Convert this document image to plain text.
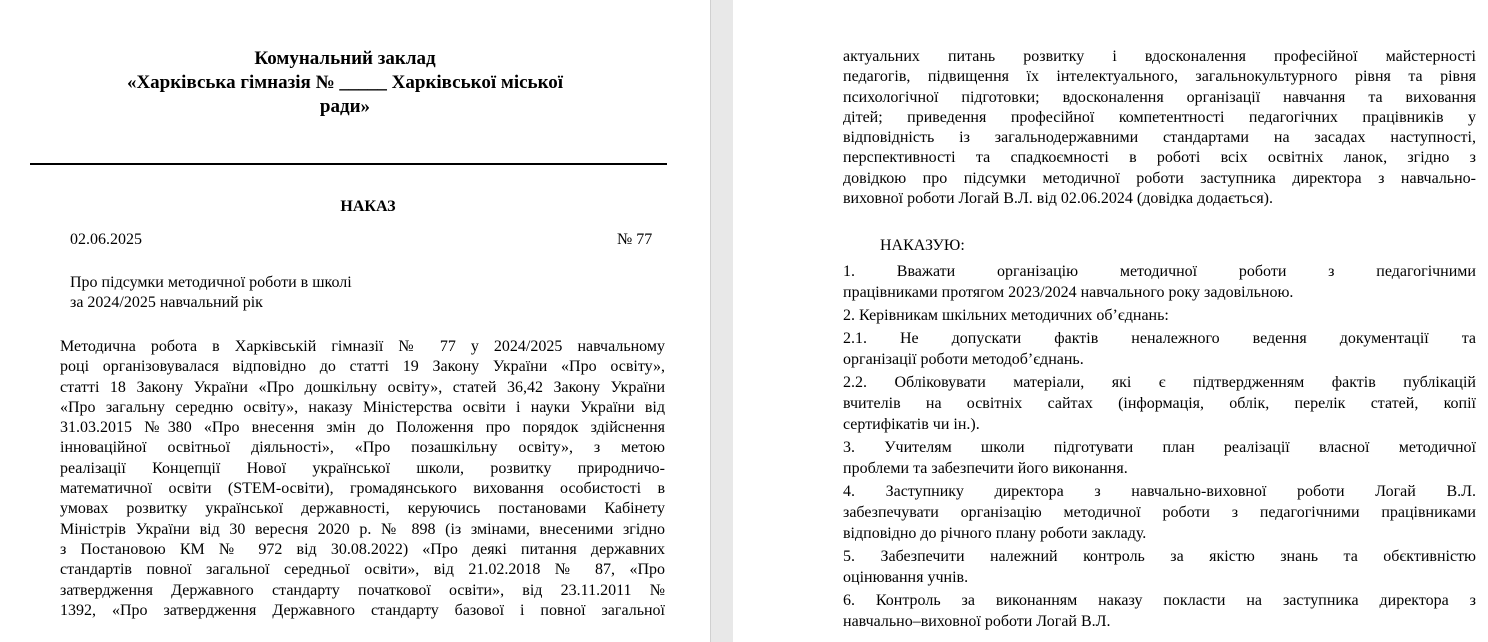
Комунальний заклад
«Харківська гімназія № _____ Харківської міської
ради»
НАКАЗ
02.06.2025	№ 77
Про підсумки методичної роботи в школі
за 2024/2025 навчальний рік
Методична робота в Харківській гімназії № 77 у 2024/2025 навчальному
році організовувалася відповідно до статті 19 Закону України «Про освіту»,
статті 18 Закону України «Про дошкільну освіту», статей 36,42 Закону України
«Про загальну середню освіту», наказу Міністерства освіти і науки України від
31.03.2015 №380 «Про внесення змін до Положення про порядок здійснення
інноваційної освітньої діяльності», «Про позашкільну освіту», з метою
реалізації Концепції Нової української школи, розвитку природничо-
математичної освіти (STEM-освіти), громадянського виховання особистості в
умовах розвитку української державності, керуючись постановами Кабінету
Міністрів України від 30 вересня 2020 р. № 898 (із змінами, внесеними згідно
з Постановою КМ № 972 від 30.08.2022) «Про деякі питання державних
стандартів повної загальної середньої освіти», від 21.02.2018 № 87, «Про
затвердження Державного стандарту початкової освіти», від 23.11.2011 №
1392, «Про затвердження Державного стандарту базової і повної загальної
актуальних питань розвитку і вдосконалення професійної майстерності
педагогів, підвищення їх інтелектуального, загальнокультурного рівня та рівня
психологічної підготовки; вдосконалення організації навчання та виховання
дітей; приведення професійної компетентності педагогічних працівників у
відповідність із загальнодержавними стандартами на засадах наступності,
перспективності та спадкоємності в роботі всіх освітніх ланок, згідно з
довідкою про підсумки методичної роботи заступника директора з навчально-
виховної роботи Логай В.Л. від 02.06.2024 (довідка додається).
НАКАЗУЮ:
1. Вважати організацію методичної роботи з педагогічними
працівниками протягом 2023/2024 навчального року задовільною.
2. Керівникам шкільних методичних об’єднань:
2.1. Не допускати фактів неналежного ведення документації та
організації роботи методоб’єднань.
2.2. Обліковувати матеріали, які є підтвердженням фактів публікацій
вчителів на освітніх сайтах (інформація, облік, перелік статей, копії
сертифікатів чи ін.).
3. Учителям школи підготувати план реалізації власної методичної
проблеми та забезпечити його виконання.
4. Заступнику директора з навчально-виховної роботи Логай В.Л.
забезпечувати організацію методичної роботи з педагогічними працівниками
відповідно до річного плану роботи закладу.
5. Забезпечити належний контроль за якістю знань та обєктивністю
оцінювання учнів.
6. Контроль за виконанням наказу покласти на заступника директора з
навчально–виховної роботи Логай В.Л.
